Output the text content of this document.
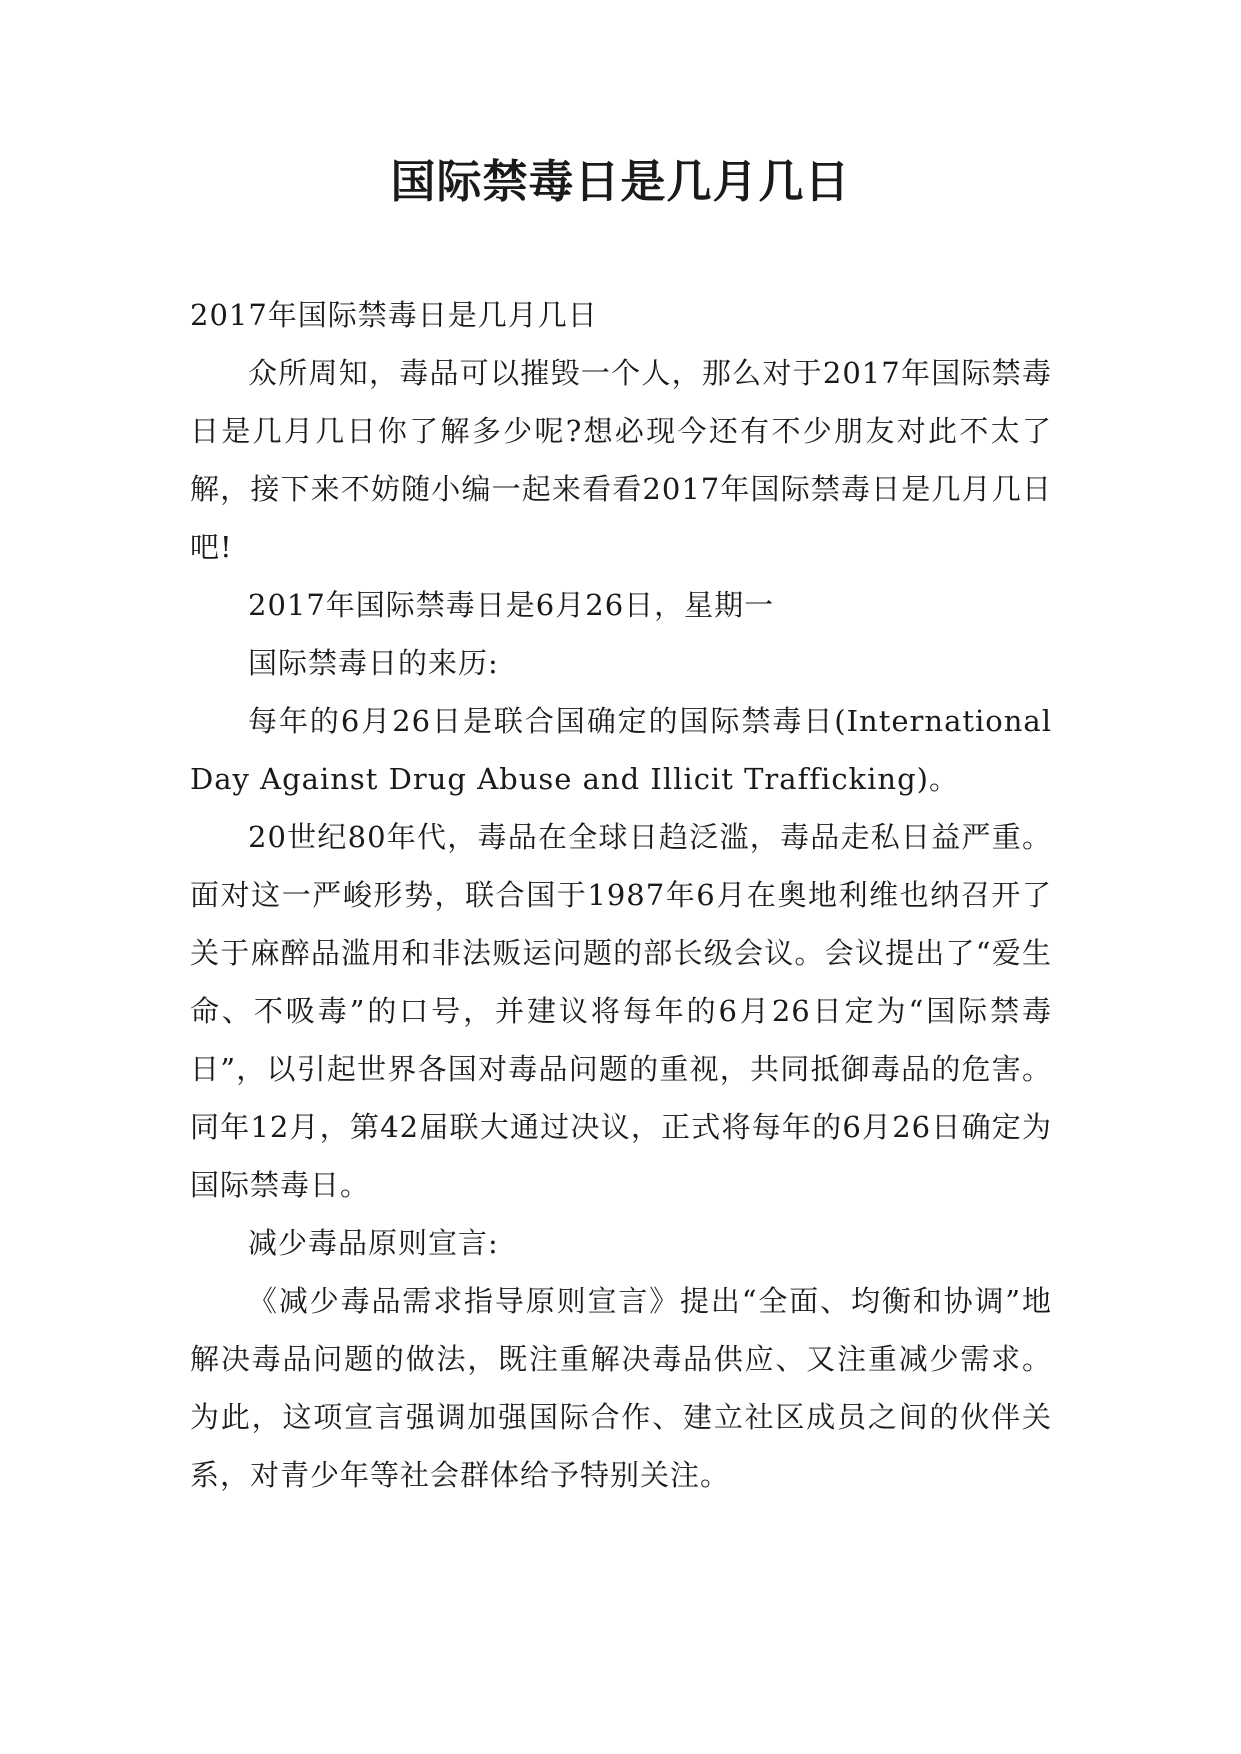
国际禁毒日是几月几日

2017年国际禁毒日是几月几日

众所周知，毒品可以摧毁一个人，那么对于2017年国际禁毒日是几月几日你了解多少呢?想必现今还有不少朋友对此不太了解，接下来不妨随小编一起来看看2017年国际禁毒日是几月几日吧!

2017年国际禁毒日是6月26日，星期一

国际禁毒日的来历:

每年的6月26日是联合国确定的国际禁毒日(International Day Against Drug Abuse and Illicit Trafficking)。

20世纪80年代，毒品在全球日趋泛滥，毒品走私日益严重。面对这一严峻形势，联合国于1987年6月在奥地利维也纳召开了关于麻醉品滥用和非法贩运问题的部长级会议。会议提出了“爱生命、不吸毒”的口号，并建议将每年的6月26日定为“国际禁毒日”，以引起世界各国对毒品问题的重视，共同抵御毒品的危害。同年12月，第42届联大通过决议，正式将每年的6月26日确定为国际禁毒日。

减少毒品原则宣言:

《减少毒品需求指导原则宣言》提出“全面、均衡和协调”地解决毒品问题的做法，既注重解决毒品供应、又注重减少需求。为此，这项宣言强调加强国际合作、建立社区成员之间的伙伴关系，对青少年等社会群体给予特别关注。
